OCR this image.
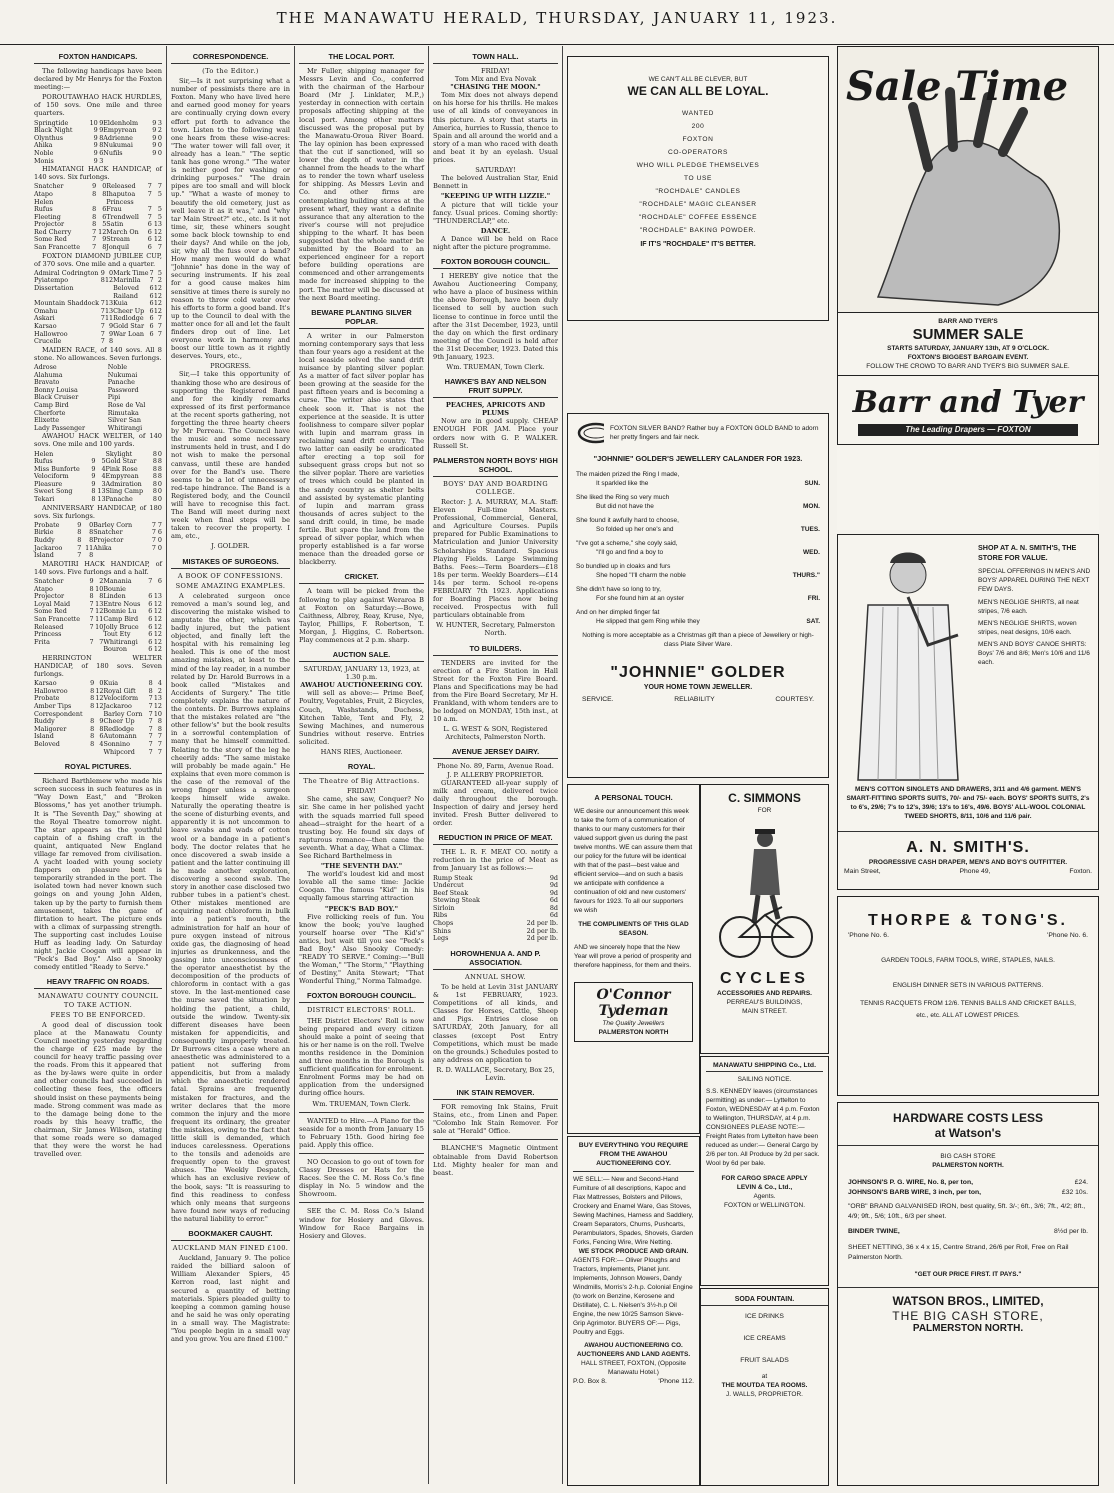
THE MANAWATU HERALD, THURSDAY, JANUARY 11, 1923.
FOXTON HANDICAPS.
The following handicaps have been declared by Mr Henrys for the Foxton meeting:—
POROUTAWHAO HACK HURDLES, of 150 sovs. One mile and three quarters.
Springtide	10	9	Eldenholm	9	3
Black Night	9	9	Empyrean	9	2
Olynthus	9	8	Adrienne	9	0
Ahika	9	8	Nukumai	9	0
Noble	9	6	Nufils	9	0
Monis	9	3			
HIMATANGI HACK HANDICAP, of 140 sovs. Six furlongs.
Snatcher	9	0	Released	7	7
Atapo	8	8	Ihaputoa	7	5
Helen			Princess		
Rufus	8	6	Frau	7	5
Fleeting	8	6	Trendwell	7	5
Projector	8	5	Satin	6	13
Red Cherry	7	12	March On	6	12
Some Red	7	9	Stream	6	12
San Francette	7	8	Jonquil	6	7
FOXTON DIAMOND JUBILEE CUP, of 370 sovs. One mile and a quarter.
Admiral Codrington	9	0	Mark Time	7	5
Pyiatempo	8	12	Marinlla	7	2
Dissertation			Beloved	6	12
			Railand	6	12
Mountain Shaddock	7	13	Kuia	6	12
Omahu	7	13	Cheer Up	6	12
Askari	7	11	Redlodge	6	7
Karsao	7	9	Gold Star	6	7
Hallowroo	7	9	War Loan	6	7
Crucelle	7	8			
MAIDEN RACE, of 140 sovs. All 8 stone. No allowances. Seven furlongs.
Adrose	Noble
Alahuma	Nukumai
Bravato	Panache
Bonny Louisa	Password
Black Cruiser	Pipi
Camp Bird	Rose de Val
Cherforte	Rimutaka
Elixette	Silver San
Lady Passenger	Whitirangi
AWAHOU HACK WELTER, of 140 sovs. One mile and 100 yards.
Helen			Skylight	8	0
Rufus	9	5	Gold Star	8	8
Miss Bunforte	9	4	Pink Rose	8	8
Velociform	9	4	Empyrean	8	8
Pleasure	9	3	Admiration	8	0
Sweet Song	8	13	Sling Camp	8	0
Tekari	8	13	Panache	8	0
ANNIVERSARY HANDICAP, of 180 sovs. Six furlongs.
Probate	9	0	Barley Corn	7	7
Birkie	8	8	Snatcher	7	6
Ruddy	8	8	Projector	7	0
Jackaroo	7	11	Ahika	7	0
Island	7	8			
MAROTIRI HACK HANDICAP, of 140 sovs. Five furlongs and a half.
Snatcher	9	2	Manania	7	6
Atapo	8	10	Bounie		
Projector	8	8	Linden	6	13
Loyal Maid	7	13	Entre Nous	6	12
Some Red	7	12	Bonnie Lu	6	12
San Francette	7	11	Camp Bird	6	12
Released	7	10	Jolly Bruce	6	12
Princess			Tout Ety	6	12
Frita	7	7	Whitirangi	6	12
			Bouron	6	12
HERRINGTON WELTER HANDICAP, of 180 sovs. Seven furlongs.
Karsao	9	0	Kuia	8	4
Hallowroo	8	12	Royal Gift	8	2
Probate	8	12	Velociform	7	13
Amber Tips	8	12	Jackaroo	7	12
Correspondent			Barley Corn	7	10
Ruddy	8	9	Cheer Up	7	8
Maligorer	8	8	Redlodge	7	8
Island	8	6	Automann	7	7
Beloved	8	4	Sonnino	7	7
			Whipcord	7	7
ROYAL PICTURES.
Richard Barthlemew who made his screen success in such features as in "Way Down East," and "Broken Blossoms," has yet another triumph. It is "The Seventh Day," showing at the Royal Theatre tomorrow night. The star appears as the youthful captain of a fishing craft in the quaint, antiquated New England village far removed from civilisation. A yacht loaded with young society flappers on pleasure bent is temporarily stranded in the port. The isolated town had never known such goings on and young John Alden, taken up by the party to furnish them amusement, takes the game of flirtation to heart. The picture ends with a climax of surpassing strength. The supporting cast includes Louise Huff as leading lady. On Saturday night Jackie Coogan will appear in "Peck's Bad Boy." Also a Snooky comedy entitled "Ready to Serve."
HEAVY TRAFFIC ON ROADS.
MANAWATU COUNTY COUNCIL TO TAKE ACTION.
FEES TO BE ENFORCED.
A good deal of discussion took place at the Manawatu County Council meeting yesterday regarding the charge of £25 made by the council for heavy traffic passing over the roads. From this it appeared that as the by-laws were quite in order and other councils had succeeded in collecting these fees, the officers should insist on these payments being made. Strong comment was made as to the damage being done to the roads by this heavy traffic, the chairman, Sir James Wilson, stating that some roads were so damaged that they were the worst he had travelled over.
CORRESPONDENCE.
(To the Editor.)
Sir,—Is it not surprising what a number of pessimists there are in Foxton. Many who have lived here and earned good money for years are continually crying down every effort put forth to advance the town. Listen to the following wail one hears from these wise-acres: "The water tower will fall over, it already has a lean." "The septic tank has gone wrong." "The water is neither good for washing or drinking purposes." "The drain pipes are too small and will block up." "What a waste of money to beautify the old cemetery, just as well leave it as it was," and "why tar Main Street?" etc., etc. Is it not time, sir, these whiners sought some back block township to end their days? And while on the job, sir, why all the fuss over a band? How many men would do what "Johnnie" has done in the way of securing instruments. If his zeal for a good cause makes him sensitive at times there is surely no reason to throw cold water over his efforts to form a good band. It's up to the Council to deal with the matter once for all and let the fault finders drop out of line. Let everyone work in harmony and boost our little town as it rightly deserves. Yours, etc.,
PROGRESS.
Sir,—I take this opportunity of thanking those who are desirous of supporting the Registered Band and for the kindly remarks expressed of its first performance at the recent sports gathering, not forgetting the three hearty cheers by Mr Perreau. The Council have the music and some necessary instruments held in trust, and I do not wish to make the personal canvass, until these are handed over for the Band's use. There seems to be a lot of unnecessary red-tape hindrance. The Band is a Registered body, and the Council will have to recognise this fact. The Band will meet during next week when final steps will be taken to recover the property. I am, etc.,
J. GOLDER.
MISTAKES OF SURGEONS.
A BOOK OF CONFESSIONS.
SOME AMAZING EXAMPLES.
A celebrated surgeon once removed a man's sound leg, and discovering the mistake wished to amputate the other, which was badly injured, but the patient objected, and finally left the hospital with his remaining leg healed. This is one of the most amazing mistakes, at least to the mind of the lay reader, in a number related by Dr. Harold Burrows in a book called "Mistakes and Accidents of Surgery." The title completely explains the nature of the contents. Dr. Burrows explains that the mistakes related are "the other fellow's" but the book results in a sorrowful contemplation of many that he himself committed. Relating to the story of the leg he cheerily adds: "The same mistake will probably be made again." He explains that even more common is the case of the removal of the wrong finger unless a surgeon keeps himself wide awake. Naturally the operating theatre is the scene of disturbing events, and apparently it is not uncommon to leave swabs and wads of cotton wool or a bandage in a patient's body. The doctor relates that he once discovered a swab inside a patient and the latter continuing ill he made another exploration, discovering a second swab. The story in another case disclosed two rubber tubes in a patient's chest. Other mistakes mentioned are acquiring neat chloroform in bulk into a patient's mouth, the administration for half an hour of pure oxygen instead of nitrous oxide gas, the diagnosing of head injuries as drunkenness, and the gassing into unconsciousness of the operator anaesthetist by the decomposition of the products of chloroform in contact with a gas stove. In the last-mentioned case the nurse saved the situation by holding the patient, a child, outside the window. Twenty-six different diseases have been mistaken for appendicitis, and consequently improperly treated. Dr Burrows cites a case where an anaesthetic was administered to a patient not suffering from appendicitis, but from a malady which the anaesthetic rendered fatal. Sprains are frequently mistaken for fractures, and the writer declares that the more common the injury and the more frequent its ordinary, the greater the mistakes, owing to the fact that little skill is demanded, which induces carelessness. Operations to the tonsils and adenoids are frequently open to the gravest abuses. The Weekly Despatch, which has an exclusive review of the book, says: "It is reassuring to find this readiness to confess which only means that surgeons have found new ways of reducing the natural liability to error."
BOOKMAKER CAUGHT.
AUCKLAND MAN FINED £100.
Auckland, January 9. The police raided the billiard saloon of William Alexander Spiers, 45 Kerron road, last night and secured a quantity of betting materials. Spiers pleaded guilty to keeping a common gaming house and he said he was only operating in a small way. The Magistrate: "You people begin in a small way and you grow. You are fined £100."
THE LOCAL PORT.
Mr Fuller, shipping manager for Messrs Levin and Co., conferred with the chairman of the Harbour Board (Mr J. Linklater, M.P.,) yesterday in connection with certain proposals affecting shipping at the local port. Among other matters discussed was the proposal put by the Manawatu-Oroua River Board. The lay opinion has been expressed that the cut if sanctioned, will so lower the depth of water in the channel from the heads to the wharf as to render the town wharf useless for shipping. As Messrs Levin and Co. and other firms are contemplating building stores at the present wharf, they want a definite assurance that any alteration to the river's course will not prejudice shipping to the wharf. It has been suggested that the whole matter be submitted by the Board to an experienced engineer for a report before building operations are commenced and other arrangements made for increased shipping to the port. The matter will be discussed at the next Board meeting.
BEWARE PLANTING SILVER POPLAR.
A writer in our Palmerston morning contemporary says that less than four years ago a resident at the local seaside solved the sand drift nuisance by planting silver poplar. As a matter of fact silver poplar has been growing at the seaside for the past fifteen years and is becoming a curse. The writer also states that cheek soon it. That is not the experience at the seaside. It is utter foolishness to compare silver poplar with lupin and marram grass in reclaiming sand drift country. The two latter can easily be eradicated after erecting a top soil for subsequent grass crops but not so the silver poplar. There are varieties of trees which could be planted in the sandy country as shelter belts and assisted by systematic planting of lupin and marram grass thousands of acres subject to the sand drift could, in time, be made fertile. But spare the land from the spread of silver poplar, which when properly established is a far worse menace than the dreaded gorse or blackberry.
CRICKET.
A team will be picked from the following to play against Weraroa B at Foxton on Saturday:—Bowe, Caithness, Albrey, Reay, Kruse, Nye, Taylor, Phillips, F. Robertson, T. Morgan, J. Higgins, C. Robertson. Play commences at 2 p.m. sharp.
AUCTION SALE.
SATURDAY, JANUARY 13, 1923, at 1.30 p.m.
AWAHOU AUCTIONEERING COY.
will sell as above:— Prime Beef, Poultry, Vegetables, Fruit, 2 Bicycles, Couch, Washstands, Duchess, Kitchen Table, Tent and Fly, 2 Sewing Machines, and numerous Sundries without reserve. Entries solicited.
HANS RIES, Auctioneer.
ROYAL.
The Theatre of Big Attractions.
FRIDAY!
She came, she saw, Conquer? No sir. She came in her polished yacht with the squads married full speed ahead—straight for the heart of a trusting boy. He found six days of rapturous romance—then came the seventh. What a day, What a Climax. See Richard Barthelmess in
"THE SEVENTH DAY."
The world's loudest kid and most lovable all the same time: Jackie Coogan. The famous "Kid" in his equally famous starring attraction
"PECK'S BAD BOY."
Five rollicking reels of fun. You know the book; you've laughed yourself hoarse over "The Kid's" antics, but wait till you see "Peck's Bad Boy." Also Snooky Comedy: "READY TO SERVE." Coming:—"Bull the Woman," "The Storm," "Plaything of Destiny," Anita Stewart; "That Wonderful Thing," Norma Talmadge.
FOXTON BOROUGH COUNCIL.
DISTRICT ELECTORS' ROLL.
THE District Electors' Roll is now being prepared and every citizen should make a point of seeing that his or her name is on the roll. Twelve months residence in the Dominion and three months in the Borough is sufficient qualification for enrolment. Enrolment Forms may be had on application from the undersigned during office hours.
Wm. TRUEMAN, Town Clerk.
WANTED to Hire.—A Piano for the seaside for a month from January 15 to February 15th. Good hiring fee paid. Apply this office.
NO Occasion to go out of town for Classy Dresses or Hats for the Races. See the C. M. Ross Co.'s fine display in No. 5 window and the Showroom.
SEE the C. M. Ross Co.'s Island window for Hosiery and Gloves. Window for Race Bargains in Hosiery and Gloves.
TOWN HALL.
FRIDAY!
Tom Mix and Eva Novak
"CHASING THE MOON."
Tom Mix does not always depend on his horse for his thrills. He makes use of all kinds of conveyances in this picture. A story that starts in America, hurries to Russia, thence to Spain and all around the world and a story of a man who raced with death and beat it by an eyelash. Usual prices.
SATURDAY!
The beloved Australian Star, Enid Bennett in
"KEEPING UP WITH LIZZIE."
A picture that will tickle your fancy. Usual prices. Coming shortly: "THUNDERCLAP," etc.
DANCE.
A Dance will be held on Race night after the picture programme.
FOXTON BOROUGH COUNCIL.
I HEREBY give notice that the Awahou Auctioneering Company, who have a place of business within the above Borough, have been duly licensed to sell by auction such license to continue in force until the after the 31st December, 1923, until the day on which the first ordinary meeting of the Council is held after the 31st December, 1923. Dated this 9th January, 1923.
Wm. TRUEMAN, Town Clerk.
HAWKE'S BAY AND NELSON FRUIT SUPPLY.
PEACHES, APRICOTS AND PLUMS
Now are in good supply. CHEAP ENOUGH FOR JAM. Place your orders now with G. P. WALKER. Russell St.
PALMERSTON NORTH BOYS' HIGH SCHOOL.
BOYS' DAY AND BOARDING COLLEGE.
Rector: J. A. MURRAY, M.A. Staff: Eleven Full-time Masters. Professional, Commercial, General, and Agriculture Courses. Pupils prepared for Public Examinations to Matriculation and Junior University Scholarships Standard. Spacious Playing Fields. Large Swimming Baths. Fees:—Term Boarders—£18 18s per term. Weekly Boarders—£14 14s per term. School re-opens FEBRUARY 7th 1923. Applications for Boarding Places now being received. Prospectus with full particulars obtainable from
W. HUNTER, Secretary, Palmerston North.
TO BUILDERS.
TENDERS are invited for the erection of a Fire Station in Hall Street for the Foxton Fire Board. Plans and Specifications may be had from the Fire Board Secretary, Mr H. Frankland, with whom tenders are to be lodged on MONDAY, 15th inst., at 10 a.m.
L. G. WEST & SON, Registered Architects, Palmerston North.
AVENUE JERSEY DAIRY.
Phone No. 89, Farm, Avenue Road.
J. P. ALLERBY PROPRIETOR.
GUARANTEED all-year supply of milk and cream, delivered twice daily throughout the borough. Inspection of dairy and jersey herd invited. Fresh Butter delivered to order.
REDUCTION IN PRICE OF MEAT.
THE L. R. F. MEAT CO. notify a reduction in the price of Meat as from January 1st as follows:—
Rump Steak	9d
Undercut	9d
Beef Steak	9d
Stewing Steak	6d
Sirloin	8d
Ribs	6d
Chops	2d per lb.
Shins	2d per lb.
Legs	2d per lb.
HOROWHENUA A. AND P. ASSOCIATION.
ANNUAL SHOW.
To be held at Levin 31st JANUARY & 1st FEBRUARY, 1923. Competitions of all kinds, and Classes for Horses, Cattle, Sheep and Pigs. Entries close on SATURDAY, 20th January, for all classes (except Post Entry Competitions, which must be made on the grounds.) Schedules posted to any address on application to
R. D. WALLACE, Secretary, Box 25, Levin.
INK STAIN REMOVER.
FOR removing Ink Stains, Fruit Stains, etc., from Linen and Paper. "Colombo Ink Stain Remover. For sale at "Herald" Office.
BLANCHE'S Magnetic Ointment obtainable from David Robertson Ltd. Mighty healer for man and beast.
WE CAN'T ALL BE CLEVER, BUT
WE CAN ALL BE LOYAL.
WANTED
200
FOXTON
CO-OPERATORS
WHO WILL PLEDGE THEMSELVES
TO USE
"ROCHDALE" CANDLES
"ROCHDALE" MAGIC CLEANSER
"ROCHDALE" COFFEE ESSENCE
"ROCHDALE" BAKING POWDER.
IF IT'S "ROCHDALE" IT'S BETTER.
FOXTON SILVER BAND? Rather buy a FOXTON GOLD BAND to adorn her pretty fingers and fair neck.
"JOHNNIE" GOLDER'S JEWELLERY CALANDER FOR 1923.
The maiden prized the Ring I made,
It sparkled like the	SUN.
She liked the Ring so very much
But did not have the	MON.
She found it awfully hard to choose,
So folded up her one's and	TUES.
"I've got a scheme," she coyly said,
"I'll go and find a boy to	WED.
So bundled up in cloaks and furs
She hoped "I'll charm the noble	THURS."
She didn't have so long to try,
For she found him at an oyster	FRI.
And on her dimpled finger fat
He slipped that gem Ring while they	SAT.
Nothing is more acceptable as a Christmas gift than a piece of Jewellery or high-class Plate Silver Ware.
"JOHNNIE" GOLDER
YOUR HOME TOWN JEWELLER.
SERVICE.	RELIABILITY	COURTESY.
A PERSONAL TOUCH.
WE desire our announcement this week to take the form of a communication of thanks to our many customers for their valued support given us during the past twelve months. WE can assure them that our policy for the future will be identical with that of the past—best value and efficient service—and on such a basis we anticipate with confidence a continuation of old and new customers' favours for 1923. To all our supporters we wish
THE COMPLIMENTS OF THIS GLAD SEASON.
AND we sincerely hope that the New Year will prove a period of prosperity and therefore happiness, for them and theirs.
O'Connor
Tydeman
The Quality Jewellers
PALMERSTON NORTH
C. SIMMONS
FOR
CYCLES
ACCESSORIES AND REPAIRS.
PERREAU'S BUILDINGS,
MAIN STREET.
MANAWATU SHIPPING Co., Ltd.
SAILING NOTICE.
S.S. KENNEDY leaves (circumstances permitting) as under:— Lyttelton to Foxton, WEDNESDAY at 4 p.m. Foxton to Wellington, THURSDAY, at 4 p.m. CONSIGNEES PLEASE NOTE:— Freight Rates from Lyttelton have been reduced as under:— General Cargo by 2/6 per ton. All Produce by 2d per sack. Wool by 6d per bale.
FOR CARGO SPACE APPLY
LEVIN & Co., Ltd.,
Agents.
FOXTON or WELLINGTON.
BUY EVERYTHING YOU REQUIRE FROM THE AWAHOU AUCTIONEERING COY.
WE SELL:— New and Second-Hand Furniture of all descriptions, Kapoc and Flax Mattresses, Bolsters and Pillows, Crockery and Enamel Ware, Gas Stoves, Sewing Machines, Harness and Saddlery, Cream Separators, Churns, Pushcarts, Perambulators, Spades, Shovels, Garden Forks, Fencing Wire, Wire Netting.
WE STOCK PRODUCE AND GRAIN.
AGENTS FOR:— Oliver Ploughs and Tractors, Implements, Planet junr. Implements, Johnson Mowers, Dandy Windmills, Morris's 2-h.p. Colonial Engine (to work on Benzine, Kerosene and Distillate), C. L. Nielsen's 3½-h.p Oil Engine, the new 10/25 Samson Sieve-Grip Agrimotor. BUYERS OF:— Pigs, Poultry and Eggs.
AWAHOU AUCTIONEERING CO. AUCTIONEERS AND LAND AGENTS.
HALL STREET, FOXTON, (Opposite Manawatu Hotel.)
P.O. Box 8.	'Phone 112.
SODA FOUNTAIN.
ICE DRINKS
ICE CREAMS
FRUIT SALADS
at
THE MOUTDA TEA ROOMS.
J. WALLS, PROPRIETOR.
Sale Time
BARR AND TYER'S
SUMMER SALE
STARTS SATURDAY, JANUARY 13th, AT 9 O'CLOCK.
FOXTON'S BIGGEST BARGAIN EVENT.
FOLLOW THE CROWD TO BARR AND TYER'S BIG SUMMER SALE.
Barr and Tyer
The Leading Drapers — FOXTON
SHOP AT A. N. SMITH'S, THE STORE FOR VALUE.
SPECIAL OFFERINGS IN MEN'S AND BOYS' APPAREL DURING THE NEXT FEW DAYS.
MEN'S NEGLIGE SHIRTS, all neat stripes, 7/6 each.
MEN'S NEGLIGE SHIRTS, woven stripes, neat designs, 10/6 each.
MEN'S AND BOYS' CANOE SHIRTS: Boys' 7/6 and 8/6; Men's 10/6 and 11/6 each.
MEN'S COTTON SINGLETS AND DRAWERS, 3/11 and 4/6 garment. MEN'S SMART-FITTING SPORTS SUITS, 70/- and 75/- each. BOYS' SPORTS SUITS, 2's to 6's, 29/6; 7's to 12's, 39/6; 13's to 16's, 49/6. BOYS' ALL-WOOL COLONIAL TWEED SHORTS, 8/11, 10/6 and 11/6 pair.
A. N. SMITH'S.
PROGRESSIVE CASH DRAPER, MEN'S AND BOY'S OUTFITTER.
Main Street,	Phone 49,	Foxton.
THORPE & TONG'S.
'Phone No. 6.	'Phone No. 6.
GARDEN TOOLS, FARM TOOLS, WIRE, STAPLES, NAILS.
ENGLISH DINNER SETS IN VARIOUS PATTERNS.
TENNIS RACQUETS FROM 12/6. TENNIS BALLS AND CRICKET BALLS, etc., etc. ALL AT LOWEST PRICES.
HARDWARE COSTS LESS
at Watson's
BIG CASH STORE
PALMERSTON NORTH.
JOHNSON'S P. G. WIRE, No. 8, per ton,	£24.
JOHNSON'S BARB WIRE, 3 inch, per ton,	£32 10s.
"ORB" BRAND GALVANISED IRON, best quality, 5ft. 3/-; 6ft., 3/6; 7ft., 4/2; 8ft., 4/9; 9ft., 5/6; 10ft., 6/3 per sheet.
BINDER TWINE,	8½d per lb.
SHEET NETTING, 36 x 4 x 15, Centre Strand, 26/6 per Roll, Free on Rail Palmerston North.
"GET OUR PRICE FIRST. IT PAYS."
WATSON BROS., LIMITED,
THE BIG CASH STORE,
PALMERSTON NORTH.
